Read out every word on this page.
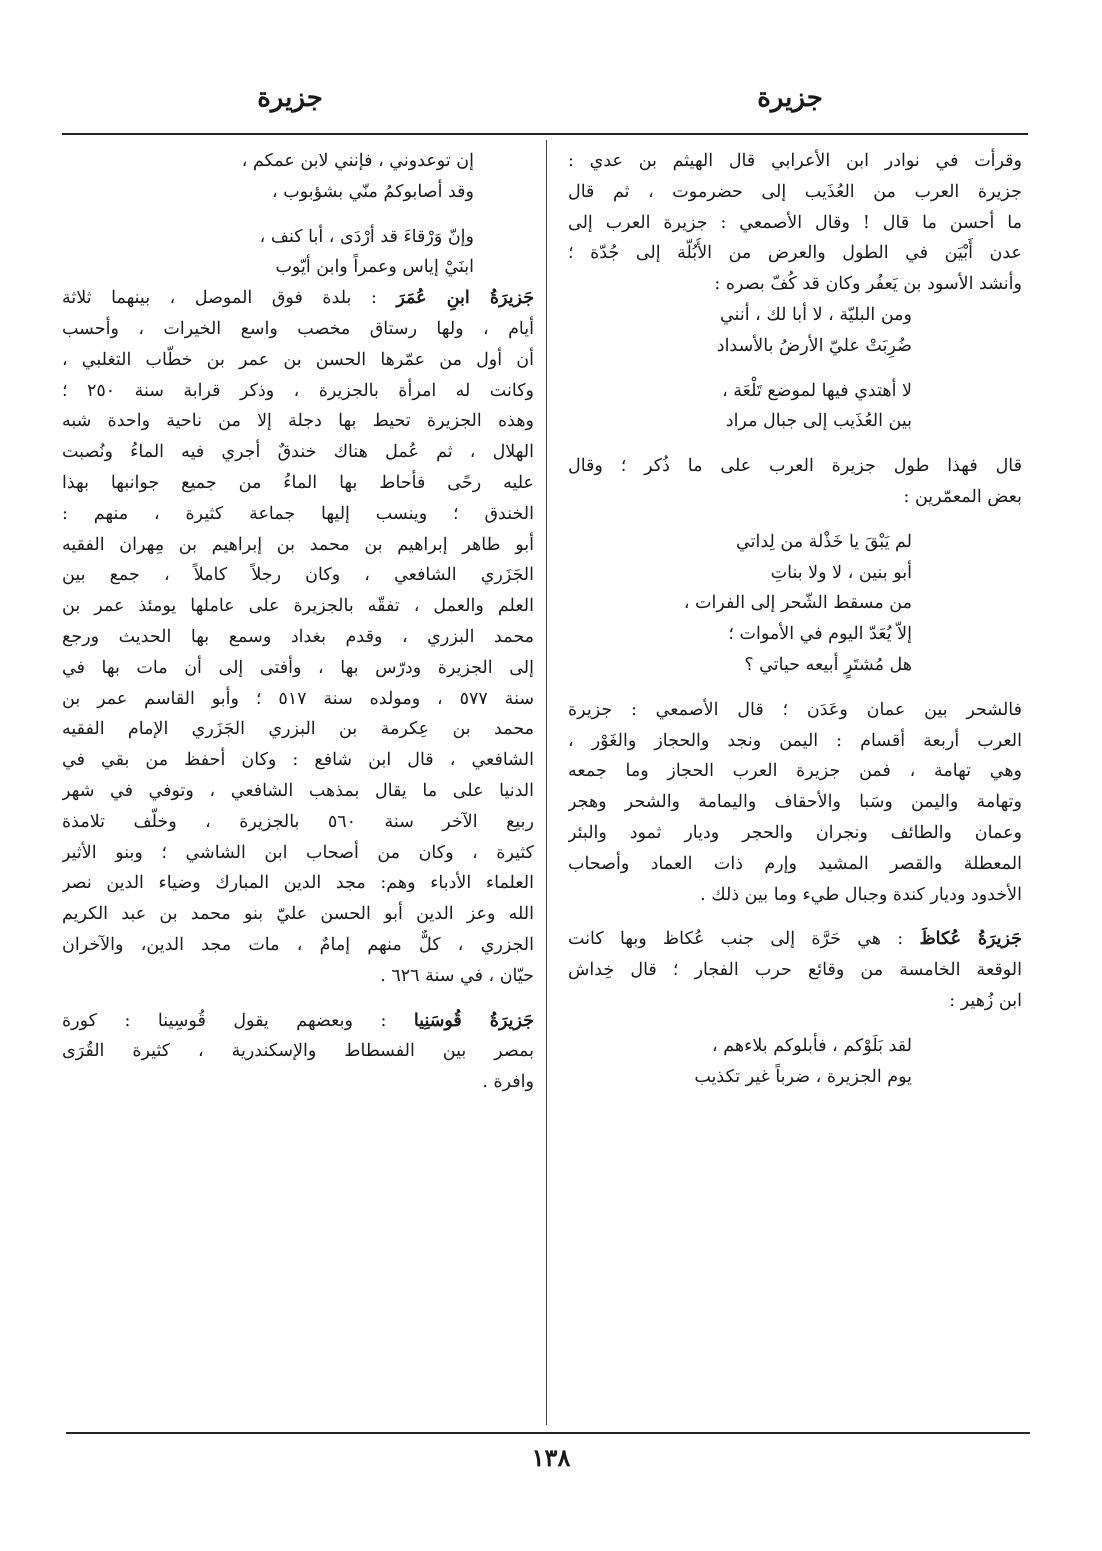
جزيرة
جزيرة
وقرأت في نوادر ابن الأعرابي قال الهيثم بن عدي :
جزيرة العرب من العُذَيب إلى حضرموت ، ثم قال
ما أحسن ما قال ! وقال الأصمعي : جزيرة العرب إلى
عدن أَبْيَن في الطول والعرض من الأُبُلّة إلى جُدّة ؛
وأنشد الأسود بن يَعفُر وكان قد كُفّ بصره :
ومن البليّة ، لا أبا لك ، أنني
ضُرِبَتْ عليّ الأرضُ بالأسداد
لا أهتدي فيها لموضع تَلْعَة ،
بين العُذَيب إلى جبال مراد
قال فهذا طول جزيرة العرب على ما ذُكر ؛ وقال
بعض المعمّرين :
لم يَبْقَ يا خَذْلة من لِداتي
أبو بنين ، لا ولا بناتِ
من مسقط الشّحر إلى الفرات ،
إلاّ يُعَدّ اليوم في الأموات ؛
هل مُشتَرٍ أبيعه حياتي ؟
فالشحر بين عمان وعَدَن ؛ قال الأصمعي : جزيرة
العرب أربعة أقسام : اليمن ونجد والحجاز والغَوْر ،
وهي تهامة ، فمن جزيرة العرب الحجاز وما جمعه
وتهامة واليمن وسَبا والأحقاف واليمامة والشحر وهجر
وعمان والطائف ونجران والحجر وديار ثمود والبئر
المعطلة والقصر المشيد وإرم ذات العماد وأصحاب
الأخدود وديار كندة وجبال طيء وما بين ذلك .
جَزيرَةُ عُكاظَ : هي حَرَّة إلى جنب عُكاظ وبها كانت
الوقعة الخامسة من وقائع حرب الفجار ؛ قال خِداش
ابن زُهير :
لقد بَلَوْكم ، فأبلوكم بلاءهم ،
يوم الجزيرة ، ضرباً غير تكذيب
إن توعدوني ، فإنني لابن عمكم ،
وقد أصابوكمُ منّي بشؤبوب ،
وإنّ وَرْقاءَ قد أرْدَى ، أبا كنف ،
ابنَيْ إياس وعمراً وابن أيّوب
جَزيرَةُ ابنِ عُمَرَ : بلدة فوق الموصل ، بينهما ثلاثة
أيام ، ولها رستاق مخصب واسع الخيرات ، وأحسب
أن أول من عمّرها الحسن بن عمر بن خطّاب التغلبي ،
وكانت له امرأة بالجزيرة ، وذكر قرابة سنة ٢٥٠ ؛
وهذه الجزيرة تحيط بها دجلة إلا من ناحية واحدة شبه
الهلال ، ثم عُمل هناك خندقٌ أجري فيه الماءُ ونُصبت
عليه رحًى فأحاط بها الماءُ من جميع جوانبها بهذا
الخندق ؛ وينسب إليها جماعة كثيرة ، منهم :
أبو طاهر إبراهيم بن محمد بن إبراهيم بن مِهران الفقيه
الجَزَري الشافعي ، وكان رجلاً كاملاً ، جمع بين
العلم والعمل ، تفقّه بالجزيرة على عاملها يومئذ عمر بن
محمد البزري ، وقدم بغداد وسمع بها الحديث ورجع
إلى الجزيرة ودرّس بها ، وأفتى إلى أن مات بها في
سنة ٥٧٧ ، ومولده سنة ٥١٧ ؛ وأبو القاسم عمر بن
محمد بن عِكرمة بن البزري الجَزَري الإمام الفقيه
الشافعي ، قال ابن شافع : وكان أحفظ من بقي في
الدنيا على ما يقال بمذهب الشافعي ، وتوفي في شهر
ربيع الآخر سنة ٥٦٠ بالجزيرة ، وخلّف تلامذة
كثيرة ، وكان من أصحاب ابن الشاشي ؛ وبنو الأثير
العلماء الأدباء وهم: مجد الدين المبارك وضياء الدين نصر
الله وعز الدين أبو الحسن عليّ بنو محمد بن عبد الكريم
الجزري ، كلٌّ منهم إمامٌ ، مات مجد الدين، والآخران
حيّان ، في سنة ٦٢٦ .
جَزيرَةُ قُوسَنِيا : وبعضهم يقول قُوسِينا : كورة
بمصر بين الفسطاط والإسكندرية ، كثيرة القُرَى
وافرة .
١٣٨
